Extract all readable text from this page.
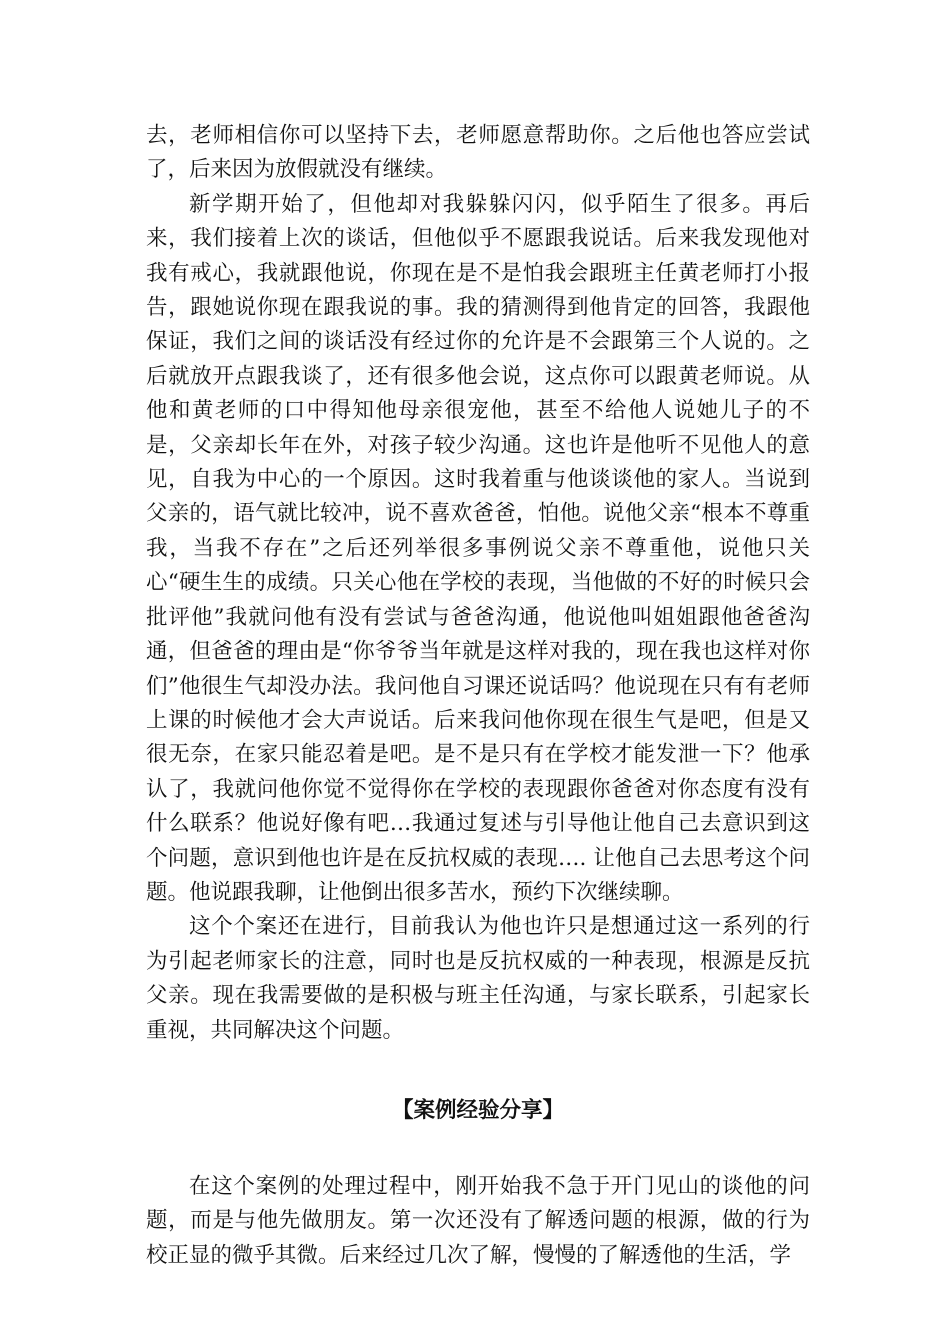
去，老师相信你可以坚持下去，老师愿意帮助你。之后他也答应尝试了，后来因为放假就没有继续。

新学期开始了，但他却对我躲躲闪闪，似乎陌生了很多。再后来，我们接着上次的谈话，但他似乎不愿跟我说话。后来我发现他对我有戒心，我就跟他说，你现在是不是怕我会跟班主任黄老师打小报告，跟她说你现在跟我说的事。我的猜测得到他肯定的回答，我跟他保证，我们之间的谈话没有经过你的允许是不会跟第三个人说的。之后就放开点跟我谈了，还有很多他会说，这点你可以跟黄老师说。从他和黄老师的口中得知他母亲很宠他，甚至不给他人说她儿子的不是，父亲却长年在外，对孩子较少沟通。这也许是他听不见他人的意见，自我为中心的一个原因。这时我着重与他谈谈他的家人。当说到父亲的，语气就比较冲，说不喜欢爸爸，怕他。说他父亲“根本不尊重我，当我不存在”之后还列举很多事例说父亲不尊重他，说他只关心“硬生生的成绩。只关心他在学校的表现，当他做的不好的时候只会批评他”我就问他有没有尝试与爸爸沟通，他说他叫姐姐跟他爸爸沟通，但爸爸的理由是“你爷爷当年就是这样对我的，现在我也这样对你们”他很生气却没办法。我问他自习课还说话吗？他说现在只有有老师上课的时候他才会大声说话。后来我问他你现在很生气是吧，但是又很无奈，在家只能忍着是吧。是不是只有在学校才能发泄一下？他承认了，我就问他你觉不觉得你在学校的表现跟你爸爸对你态度有没有什么联系？他说好像有吧…我通过复述与引导他让他自己去意识到这个问题，意识到他也许是在反抗权威的表现…. 让他自己去思考这个问题。他说跟我聊，让他倒出很多苦水，预约下次继续聊。

这个个案还在进行，目前我认为他也许只是想通过这一系列的行为引起老师家长的注意，同时也是反抗权威的一种表现，根源是反抗父亲。现在我需要做的是积极与班主任沟通，与家长联系，引起家长重视，共同解决这个问题。

【案例经验分享】

在这个案例的处理过程中，刚开始我不急于开门见山的谈他的问题，而是与他先做朋友。第一次还没有了解透问题的根源，做的行为校正显的微乎其微。后来经过几次了解，慢慢的了解透他的生活，学
